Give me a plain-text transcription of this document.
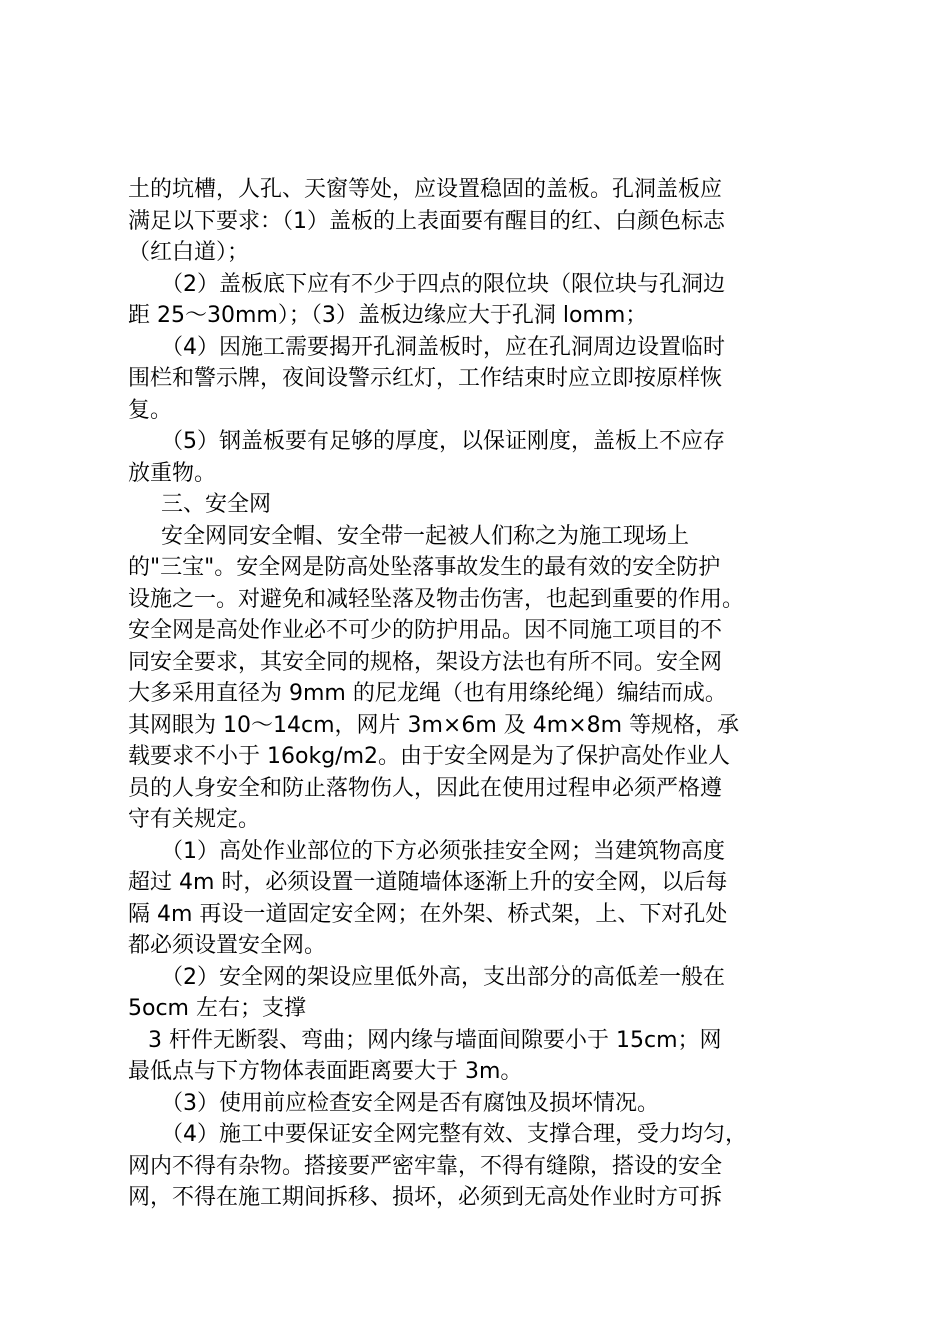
土的坑槽，人孔、天窗等处，应设置稳固的盖板。孔洞盖板应
满足以下要求：（1）盖板的上表面要有醒目的红、白颜色标志
（红白道）；
（2）盖板底下应有不少于四点的限位块（限位块与孔洞边
距 25～30mm）；（3）盖板边缘应大于孔洞 lomm；
（4）因施工需要揭开孔洞盖板时，应在孔洞周边设置临时
围栏和警示牌，夜间设警示红灯，工作结束时应立即按原样恢
复。
（5）钢盖板要有足够的厚度，以保证刚度，盖板上不应存
放重物。
三、安全网
安全网同安全帽、安全带一起被人们称之为施工现场上
的"三宝"。安全网是防高处坠落事故发生的最有效的安全防护
设施之一。对避免和减轻坠落及物击伤害，也起到重要的作用。
安全网是高处作业必不可少的防护用品。因不同施工项目的不
同安全要求，其安全同的规格，架设方法也有所不同。安全网
大多采用直径为 9mm 的尼龙绳（也有用绦纶绳）编结而成。
其网眼为 10～14cm，网片 3m×6m 及 4m×8m 等规格，承
载要求不小于 16okg/m2。由于安全网是为了保护高处作业人
员的人身安全和防止落物伤人，因此在使用过程申必须严格遵
守有关规定。
（1）高处作业部位的下方必须张挂安全网；当建筑物高度
超过 4m 时，必须设置一道随墙体逐渐上升的安全网，以后每
隔 4m 再设一道固定安全网；在外架、桥式架，上、下对孔处
都必须设置安全网。
（2）安全网的架设应里低外高，支出部分的高低差一般在
5ocm 左右；支撑
3 杆件无断裂、弯曲；网内缘与墙面间隙要小于 15cm；网
最低点与下方物体表面距离要大于 3m。
（3）使用前应检查安全网是否有腐蚀及损坏情况。
（4）施工中要保证安全网完整有效、支撑合理，受力均匀，
网内不得有杂物。搭接要严密牢靠，不得有缝隙，搭设的安全
网，不得在施工期间拆移、损坏，必须到无高处作业时方可拆
